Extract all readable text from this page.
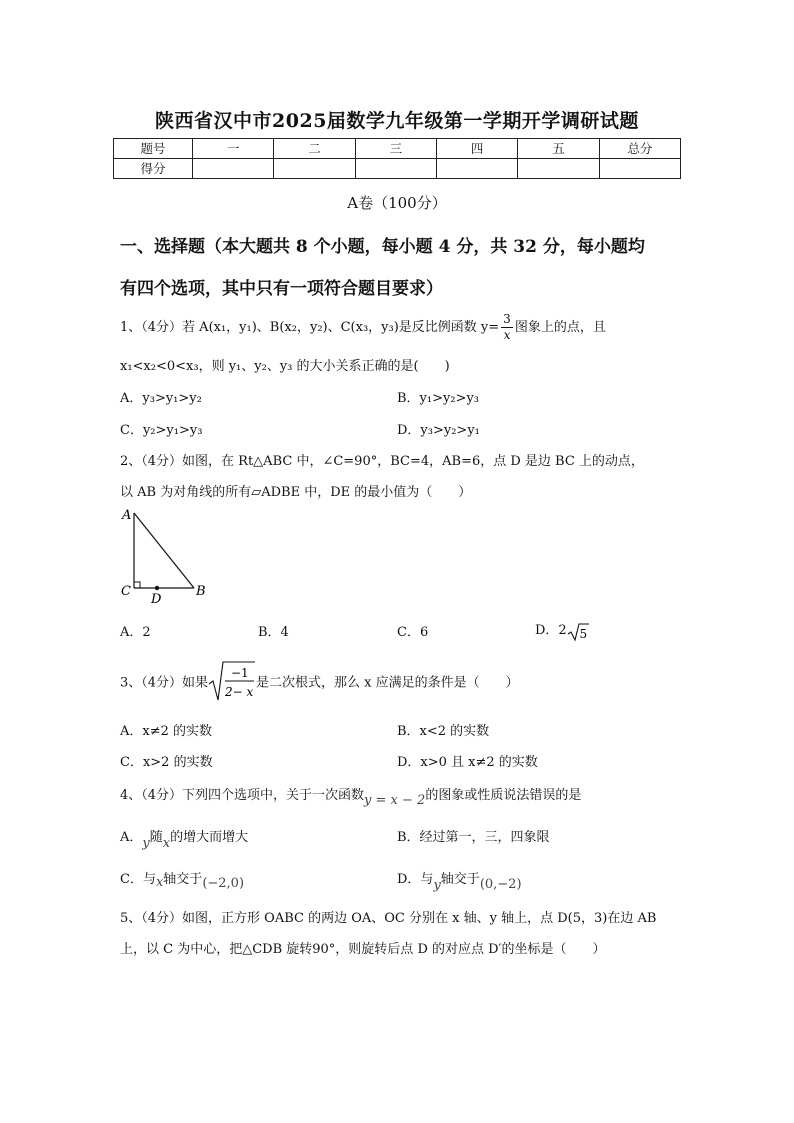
陕西省汉中市2025届数学九年级第一学期开学调研试题
题号	一	二	三	四	五	总分
得分						
A卷（100分）
一、选择题（本大题共 8 个小题，每小题 4 分，共 32 分，每小题均
有四个选项，其中只有一项符合题目要求）
1、（4分）若 A(x₁，y₁)、B(x₂，y₂)、C(x₃，y₃)是反比例函数 $y= \frac{3}{x}$ 图象上的点，且
x₁<x₂<0<x₃，则 y₁、y₂、y₃ 的大小关系正确的是(　　)
A．y₃>y₁>y₂	B．y₁>y₂>y₃
C．y₂>y₁>y₃	D．y₃>y₂>y₁
2、（4分）如图，在 Rt△ABC 中，∠C=90°，BC=4，AB=6，点 D 是边 BC 上的动点，
以 AB 为对角线的所有▱ADBE 中，DE 的最小值为（　　）
A
C
D
B
A．2	B．4	C．6	D．2 5
3、（4分）如果
−1
2− x
是二次根式，那么 x 应满足的条件是（　　）
A．x≠2 的实数	B．x<2 的实数
C．x>2 的实数	D．x>0 且 x≠2 的实数
4、（4分）下列四个选项中，关于一次函数y = x − 2的图象或性质说法错误的是
A．y随x的增大而增大	B．经过第一，三，四象限
C．与x轴交于(−2,0)	D．与y轴交于(0,−2)
5、（4分）如图，正方形 OABC 的两边 OA、OC 分别在 x 轴、y 轴上，点 D(5，3)在边 AB
上，以 C 为中心，把△CDB 旋转90°，则旋转后点 D 的对应点 D′的坐标是（　　）
